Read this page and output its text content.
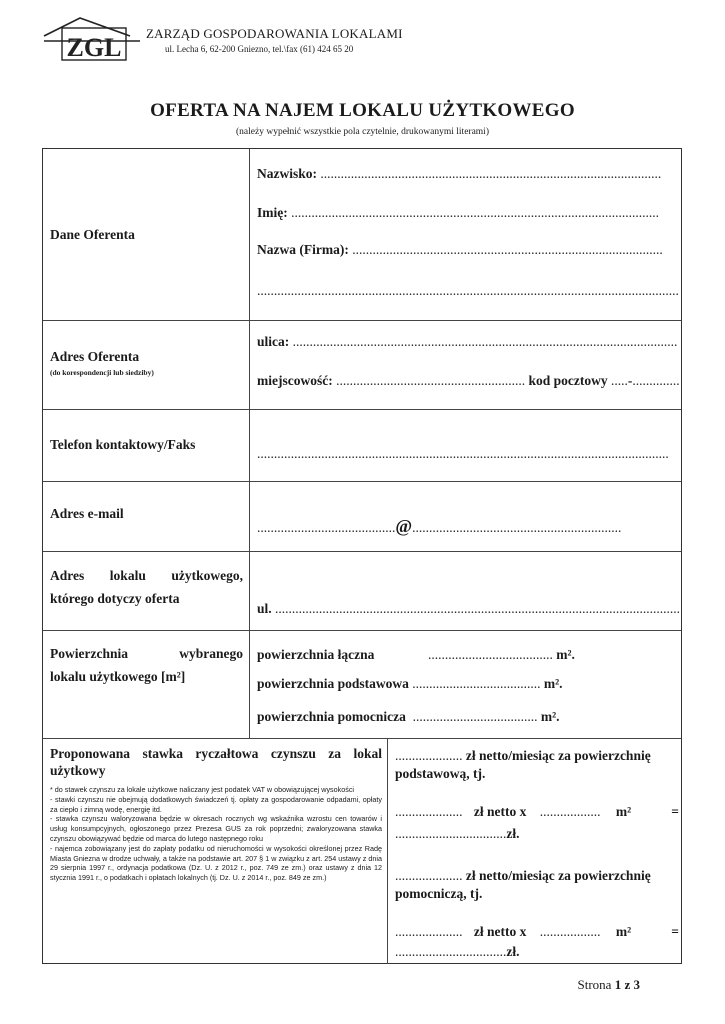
ZGL ZARZĄD GOSPODAROWANIA LOKALAMI
ul. Lecha 6, 62-200 Gniezno, tel.\fax (61) 424 65 20
OFERTA NA NAJEM LOKALU UŻYTKOWEGO
(należy wypełnić wszystkie pola czytelnie, drukowanymi literami)
Dane Oferenta
Nazwisko: .....................................................................................................
Imię: .............................................................................................................
Nazwa (Firma): ............................................................................................
.............................................................................................................................
Adres Oferenta
(do korespondencji lub siedziby)
ulica: ..................................................................................................................
miejscowość: ........................................................ kod pocztowy .....-..............
Telefon kontaktowy/Faks
..........................................................................................................................
Adres e-mail
.........................................@..............................................................
Adres lokalu użytkowego,
którego dotyczy oferta
ul. ........................................................................................................................
Powierzchnia wybranego
lokalu użytkowego [m²]
powierzchnia łączna	..................................... m².
powierzchnia podstawowa ...................................... m².
powierzchnia pomocnicza  ..................................... m².
Proponowana stawka ryczałtowa czynszu za lokal
użytkowy

* do stawek czynszu za lokale użytkowe naliczany jest podatek VAT w obowiązującej wysokości

- stawki czynszu nie obejmują dodatkowych świadczeń tj. opłaty za gospodarowanie odpadami, opłaty za ciepło i zimną wodę, energię itd.

- stawka czynszu waloryzowana będzie w okresach rocznych wg wskaźnika wzrostu cen towarów i usług konsumpcyjnych, ogłoszonego przez Prezesa GUS za rok poprzedni; zwaloryzowana stawka czynszu obowiązywać będzie od marca do lutego następnego roku

- najemca zobowiązany jest do zapłaty podatku od nieruchomości w wysokości określonej przez Radę Miasta Gniezna w drodze uchwały, a także na podstawie art. 207 § 1 w związku z art. 254 ustawy z dnia 29 sierpnia 1997 r., ordynacja podatkowa (Dz. U. z 2012 r., poz. 749 ze zm.) oraz ustawy z dnia 12 stycznia 1991 r., o podatkach i opłatach lokalnych (tj. Dz. U. z 2014 r., poz. 849 ze zm.)

.................... zł netto/miesiąc za powierzchnię
podstawową, tj.
.................... zł netto x .................. m²	=
.................................zł.
.................... zł netto/miesiąc za powierzchnię
pomocniczą, tj.
.................... zł netto x .................. m²	=
.................................zł.
Strona 1 z 3
